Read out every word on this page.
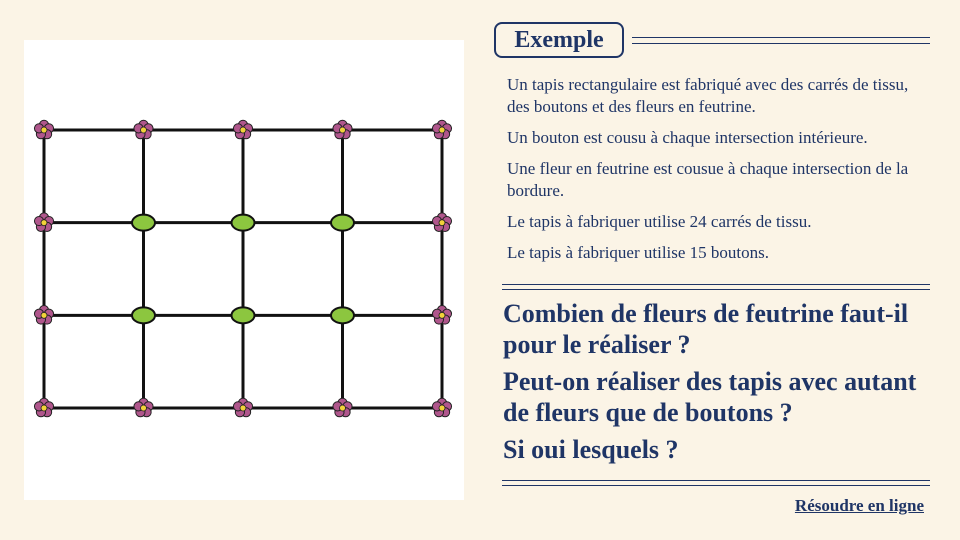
Exemple

Un tapis rectangulaire est fabriqué avec des carrés de tissu, des boutons et des fleurs en feutrine.

Un bouton est cousu à chaque intersection intérieure.

Une fleur en feutrine est cousue à chaque intersection de la bordure.

Le tapis à fabriquer utilise 24 carrés de tissu.

Le tapis à fabriquer utilise 15 boutons.

Combien de fleurs de feutrine faut-il pour le réaliser ?

Peut-on réaliser des tapis avec autant de fleurs que de boutons ?

Si oui lesquels ?

Résoudre en ligne
